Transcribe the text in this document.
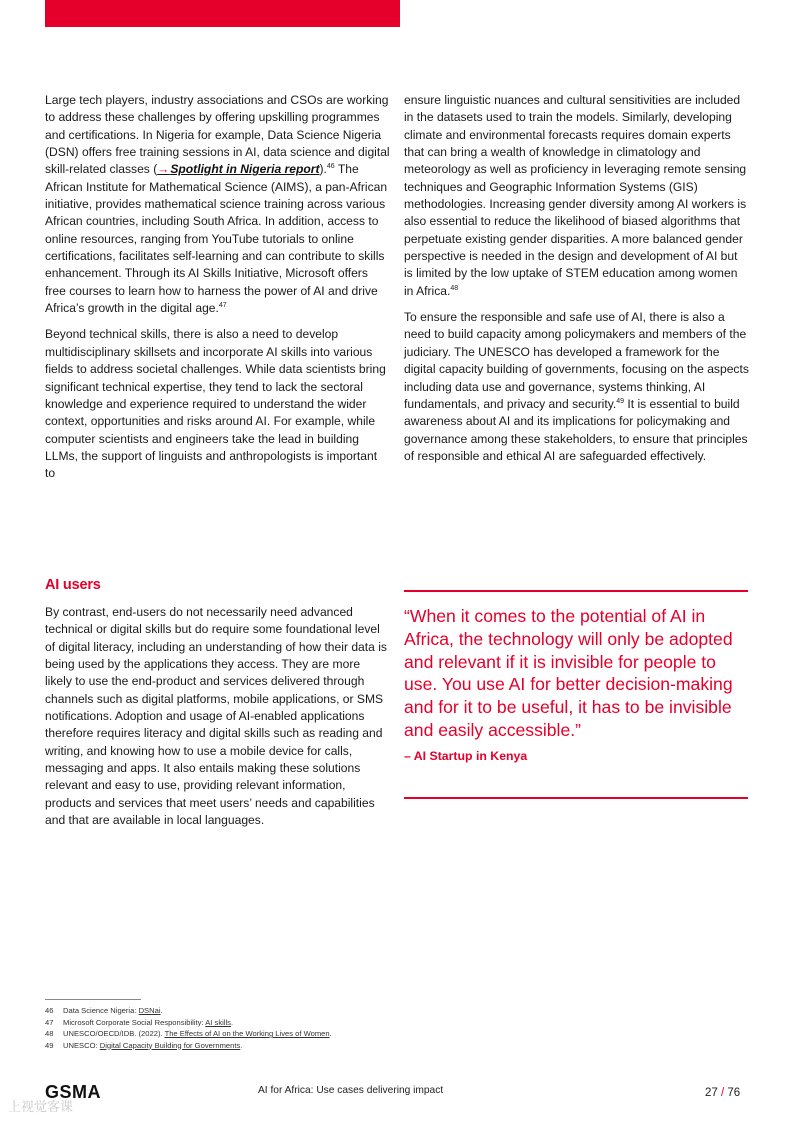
Large tech players, industry associations and CSOs are working to address these challenges by offering upskilling programmes and certifications. In Nigeria for example, Data Science Nigeria (DSN) offers free training sessions in AI, data science and digital skill-related classes (→ Spotlight in Nigeria report).$^{46}$ The African Institute for Mathematical Science (AIMS), a pan-African initiative, provides mathematical science training across various African countries, including South Africa. In addition, access to online resources, ranging from YouTube tutorials to online certifications, facilitates self-learning and can contribute to skills enhancement. Through its AI Skills Initiative, Microsoft offers free courses to learn how to harness the power of AI and drive Africa’s growth in the digital age.$^{47}$

Beyond technical skills, there is also a need to develop multidisciplinary skillsets and incorporate AI skills into various fields to address societal challenges. While data scientists bring significant technical expertise, they tend to lack the sectoral knowledge and experience required to understand the wider context, opportunities and risks around AI. For example, while computer scientists and engineers take the lead in building LLMs, the support of linguists and anthropologists is important to

ensure linguistic nuances and cultural sensitivities are included in the datasets used to train the models. Similarly, developing climate and environmental forecasts requires domain experts that can bring a wealth of knowledge in climatology and meteorology as well as proficiency in leveraging remote sensing techniques and Geographic Information Systems (GIS) methodologies. Increasing gender diversity among AI workers is also essential to reduce the likelihood of biased algorithms that perpetuate existing gender disparities. A more balanced gender perspective is needed in the design and development of AI but is limited by the low uptake of STEM education among women in Africa.$^{48}$

To ensure the responsible and safe use of AI, there is also a need to build capacity among policymakers and members of the judiciary. The UNESCO has developed a framework for the digital capacity building of governments, focusing on the aspects including data use and governance, systems thinking, AI fundamentals, and privacy and security.$^{49}$ It is essential to build awareness about AI and its implications for policymaking and governance among these stakeholders, to ensure that principles of responsible and ethical AI are safeguarded effectively.

AI users

By contrast, end-users do not necessarily need advanced technical or digital skills but do require some foundational level of digital literacy, including an understanding of how their data is being used by the applications they access. They are more likely to use the end-product and services delivered through channels such as digital platforms, mobile applications, or SMS notifications. Adoption and usage of AI-enabled applications therefore requires literacy and digital skills such as reading and writing, and knowing how to use a mobile device for calls, messaging and apps. It also entails making these solutions relevant and easy to use, providing relevant information, products and services that meet users’ needs and capabilities and that are available in local languages.

“When it comes to the potential of AI in Africa, the technology will only be adopted and relevant if it is invisible for people to use. You use AI for better decision-making and for it to be useful, it has to be invisible and easily accessible.”

– AI Startup in Kenya

46 Data Science Nigeria: DSNai.
47 Microsoft Corporate Social Responsibility: AI skills.
48 UNESCO/OECD/IDB. (2022). The Effects of AI on the Working Lives of Women.
49 UNESCO: Digital Capacity Building for Governments.
GSMA	AI for Africa: Use cases delivering impact	27 / 76
上视觉客课
